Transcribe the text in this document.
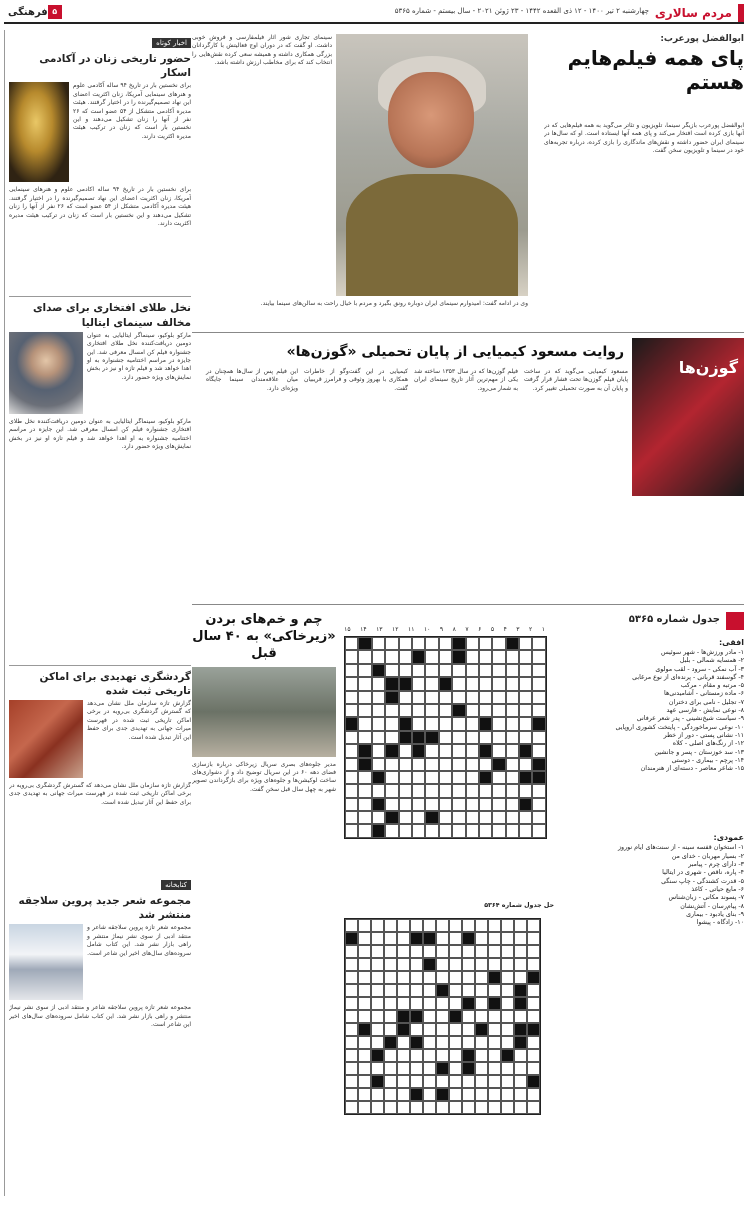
مردم سالاری
چهارشنبه ۲ تیر ۱۴۰۰ - ۱۲ ذی القعده ۱۴۴۲ - ۲۳ ژوئن ۲۰۲۱ - سال بیستم - شماره ۵۳۶۵
۵فرهنگی
اخبار کوتاه
حضور تاریخی زنان در آکادمی اسکار
برای نخستین بار در تاریخ ۹۴ ساله آکادمی علوم و هنرهای سینمایی آمریکا، زنان اکثریت اعضای این نهاد تصمیم‌گیرنده را در اختیار گرفتند. هیئت مدیره آکادمی متشکل از ۵۴ عضو است که ۲۶ نفر از آنها را زنان تشکیل می‌دهند و این نخستین بار است که زنان در ترکیب هیئت مدیره اکثریت دارند.
برای نخستین بار در تاریخ ۹۴ ساله آکادمی علوم و هنرهای سینمایی آمریکا، زنان اکثریت اعضای این نهاد تصمیم‌گیرنده را در اختیار گرفتند. هیئت مدیره آکادمی متشکل از ۵۴ عضو است که ۲۶ نفر از آنها را زنان تشکیل می‌دهند و این نخستین بار است که زنان در ترکیب هیئت مدیره اکثریت دارند.
نخل طلای افتخاری برای صدای مخالف سینمای ایتالیا
مارکو بلوکیو، سینماگر ایتالیایی به عنوان دومین دریافت‌کننده نخل طلای افتخاری جشنواره فیلم کن امسال معرفی شد. این جایزه در مراسم اختتامیه جشنواره به او اهدا خواهد شد و فیلم تازه او نیز در بخش نمایش‌های ویژه حضور دارد.
مارکو بلوکیو، سینماگر ایتالیایی به عنوان دومین دریافت‌کننده نخل طلای افتخاری جشنواره فیلم کن امسال معرفی شد. این جایزه در مراسم اختتامیه جشنواره به او اهدا خواهد شد و فیلم تازه او نیز در بخش نمایش‌های ویژه حضور دارد.
گردشگری تهدیدی برای اماکن تاریخی ثبت شده
گزارش تازه سازمان ملل نشان می‌دهد که گسترش گردشگری بی‌رویه در برخی اماکن تاریخی ثبت شده در فهرست میراث جهانی به تهدیدی جدی برای حفظ این آثار تبدیل شده است.
گزارش تازه سازمان ملل نشان می‌دهد که گسترش گردشگری بی‌رویه در برخی اماکن تاریخی ثبت شده در فهرست میراث جهانی به تهدیدی جدی برای حفظ این آثار تبدیل شده است.
کتابخانه
مجموعه شعر جدید پروین سلاجقه منتشر شد
مجموعه شعر تازه پروین سلاجقه شاعر و منتقد ادبی از سوی نشر نیماژ منتشر و راهی بازار نشر شد. این کتاب شامل سروده‌های سال‌های اخیر این شاعر است.
مجموعه شعر تازه پروین سلاجقه شاعر و منتقد ادبی از سوی نشر نیماژ منتشر و راهی بازار نشر شد. این کتاب شامل سروده‌های سال‌های اخیر این شاعر است.
ابوالفضل پورعرب:
پای همه فیلم‌هایم هستم
ابوالفضل پورعرب بازیگر سینما، تلویزیون و تئاتر می‌گوید به همه فیلم‌هایی که در آنها بازی کرده است افتخار می‌کند و پای همه آنها ایستاده است. او که سال‌ها در سینمای ایران حضور داشته و نقش‌های ماندگاری را بازی کرده، درباره تجربه‌های خود در سینما و تلویزیون سخن گفت.
سینمای تجاری شور آثار فیلمفارسی و فروش خوبی داشت. او گفت که در دوران اوج فعالیتش با کارگردانان بزرگی همکاری داشته و همیشه سعی کرده نقش‌هایی را انتخاب کند که برای مخاطب ارزش داشته باشد.
وی در ادامه گفت: امیدوارم سینمای ایران دوباره رونق بگیرد و مردم با خیال راحت به سالن‌های سینما بیایند.
روایت مسعود کیمیایی از پایان تحمیلی «گوزن‌ها»
گوزن‌ها
مسعود کیمیایی می‌گوید که در ساخت پایان فیلم گوزن‌ها تحت فشار قرار گرفت و پایان آن به صورت تحمیلی تغییر کرد.
فیلم گوزن‌ها که در سال ۱۳۵۳ ساخته شد یکی از مهم‌ترین آثار تاریخ سینمای ایران به شمار می‌رود.
کیمیایی در این گفت‌وگو از خاطرات همکاری با بهروز وثوقی و فرامرز قریبیان گفت.
این فیلم پس از سال‌ها همچنان در میان علاقه‌مندان سینما جایگاه ویژه‌ای دارد.
چم و خم‌های بردن «زیرخاکی» به ۴۰ سال قبل
مدیر جلوه‌های بصری سریال زیرخاکی درباره بازسازی فضای دهه ۶۰ در این سریال توضیح داد و از دشواری‌های ساخت لوکیشن‌ها و جلوه‌های ویژه برای بازگرداندن تصویر شهر به چهل سال قبل سخن گفت.
جدول شماره ۵۳۶۵
افقی:
۱- مادر ورزش‌ها - شهر سوئیس
۲- همسایه شمالی - بلبل
۳- آب نمکی - سرود - لقب مولوی
۴- گوسفند قربانی - پرنده‌ای از نوع مرغابی
۵- مرتبه و مقام - مرکب
۶- ماده زمستانی - آشامیدنی‌ها
۷- تجلیل - نامی برای دختران
۸- نوعی نمایش - فارسی عهد
۹- سیاست شیخ‌نشینی - پدر شعر عرفانی
۱۰- نوعی سرماخوردگی - پایتخت کشوری اروپایی
۱۱- نشانی پستی - دور از خطر
۱۲- از رنگ‌های اصلی - کلاه
۱۳- سد خوزستان - پسر و جانشین
۱۴- پرچم - بیماری - دوستی
۱۵- شاعر معاصر - دسته‌ای از هنرمندان
عمودی:
۱- استخوان قفسه سینه - از سنت‌های ایام نوروز
۲- بسیار مهربان - خدای من
۳- دارای چرم - پیامبر
۴- پاره، ناقص - شهری در ایتالیا
۵- قدرت کشندگی - چاپ سنگی
۶- مایع حیاتی - کاغذ
۷- پسوند مکانی - زبان‌شناس
۸- پیام‌رسان - آتش‌نشان
۹- بنای یادبود - بیماری
۱۰- زادگاه - پیشوا
۱
۲
۳
۴
۵
۶
۷
۸
۹
۱۰
۱۱
۱۲
۱۳
۱۴
۱۵
حل جدول شماره ۵۳۶۴
